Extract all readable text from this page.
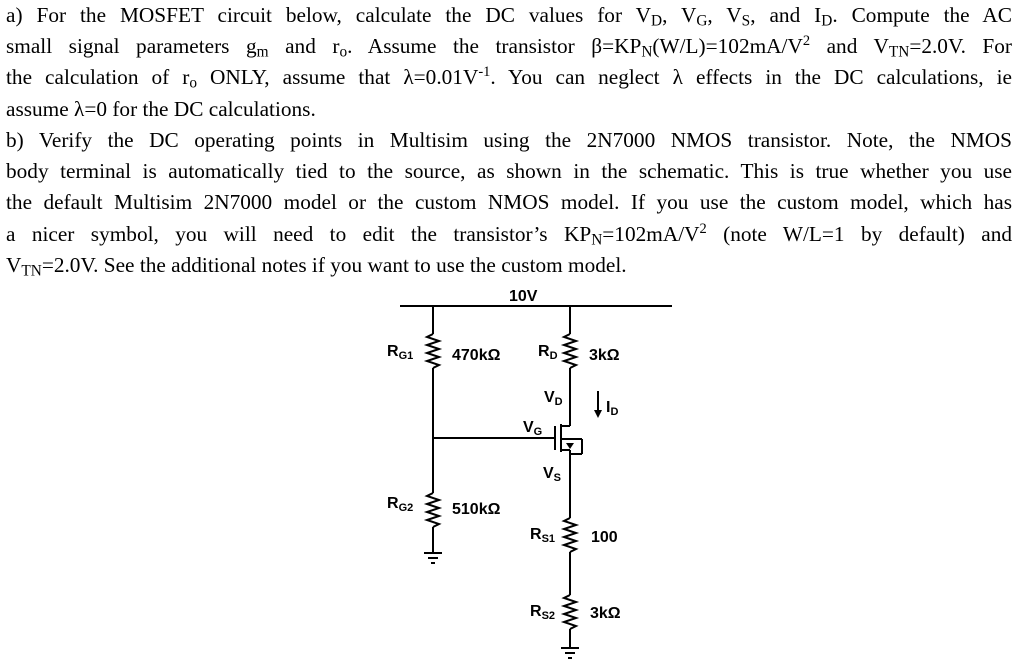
a) For the MOSFET circuit below, calculate the DC values for $V_D$, $V_G$, $V_S$, and $I_D$. Compute the AC
small signal parameters $g_m$ and $r_o$. Assume the transistor $\beta=KP_N(W/L)=102mA/V^2$ and $V_{TN}=2.0V$. For
the calculation of $r_o$ ONLY, assume that $\lambda=0.01V^{-1}$. You can neglect λ effects in the DC calculations, ie
assume λ=0 for the DC calculations.
b) Verify the DC operating points in Multisim using the 2N7000 NMOS transistor. Note, the NMOS
body terminal is automatically tied to the source, as shown in the schematic. This is true whether you use
the default Multisim 2N7000 model or the custom NMOS model. If you use the custom model, which has
a nicer symbol, you will need to edit the transistor’s $KP_N=102mA/V^2$ (note W/L=1 by default) and
$V_{TN}=2.0V$. See the additional notes if you want to use the custom model.
10V
RG1 470kΩ RD 3kΩ
VD	ID
VG
VS
RG2 510kΩ
RS1 100
RS2 3kΩ
